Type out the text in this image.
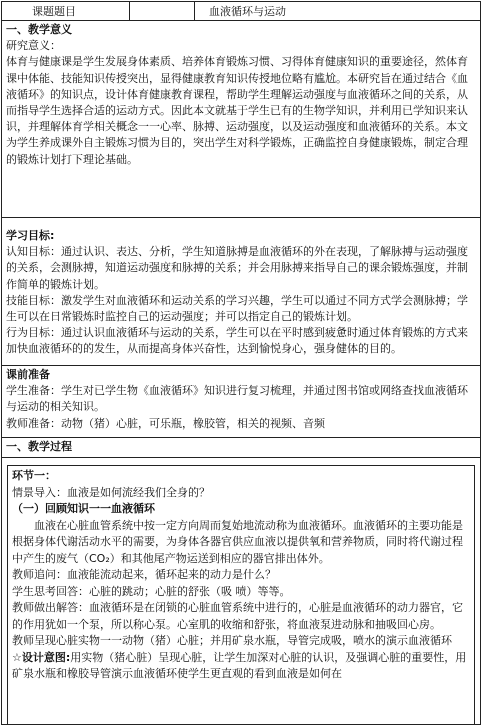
课题题目	血液循环与运动
一、教学意义
研究意义：
体育与健康课是学生发展身体素质、培养体育锻炼习惯、习得体育健康知识的重要途径，然体育课中体能、技能知识传授突出，显得健康教育知识传授地位略有尴尬。本研究旨在通过结合《血液循环》的知识点，设计体育健康教育课程，帮助学生理解运动强度与血液循环之间的关系，从而指导学生选择合适的运动方式。因此本文就基于学生已有的生物学知识，并利用已学知识来认识，并理解体育学相关概念一一心率、脉搏、运动强度，以及运动强度和血液循环的关系。本文为学生养成课外自主锻炼习惯为目的，突出学生对科学锻炼，正确监控自身健康锻炼，制定合理的锻炼计划打下理论基础。
学习目标:
认知目标：通过认识、表达、分析，学生知道脉搏是血液循环的外在表现，了解脉搏与运动强度的关系，会测脉搏，知道运动强度和脉搏的关系；并会用脉搏来指导自己的课余锻炼强度，并制作简单的锻炼计划。
技能目标：激发学生对血液循环和运动关系的学习兴趣，学生可以通过不同方式学会测脉搏；学生可以在日常锻炼时监控自己的运动强度；并可以指定自己的锻炼计划。
行为目标：通过认识血液循环与运动的关系，学生可以在平时感到疲惫时通过体育锻炼的方式来加快血液循环的的发生，从而提高身体兴奋性，达到愉悦身心，强身健体的目的。
课前准备
学生准备：学生对已学生物《血液循环》知识进行复习梳理，并通过图书馆或网络查找血液循环与运动的相关知识。
教师准备：动物（猪）心脏，可乐瓶，橡胶管，相关的视频、音频
一、教学过程
环节一：
情景导入：血液是如何流经我们全身的？
（一）回顾知识一一血液循环
血液在心脏血管系统中按一定方向周而复始地流动称为血液循环。血液循环的主要功能是根据身体代谢活动水平的需要，为身体各器官供应血液以提供氧和营养物质，同时将代谢过程中产生的废气（CO₂）和其他尾产物运送到相应的器官排出体外。
教师追问：血液能流动起来，循环起来的动力是什么？
学生思考回答：心脏的跳动；心脏的舒张（吸 喷）等等。
教师做出解答：血液循环是在闭锁的心脏血管系统中进行的，心脏是血液循环的动力器官，它的作用犹如一个泵，所以称心泵。心室肌的收缩和舒张，将血液泵进动脉和抽吸回心房。
教师呈现心脏实物一一动物（猪）心脏；并用矿泉水瓶，导管完成吸，喷水的演示血液循环
☆设计意图:用实物（猪心脏）呈现心脏，让学生加深对心脏的认识，及强调心脏的重要性，用矿泉水瓶和橡胶导管演示血液循环使学生更直观的看到血液是如何在
